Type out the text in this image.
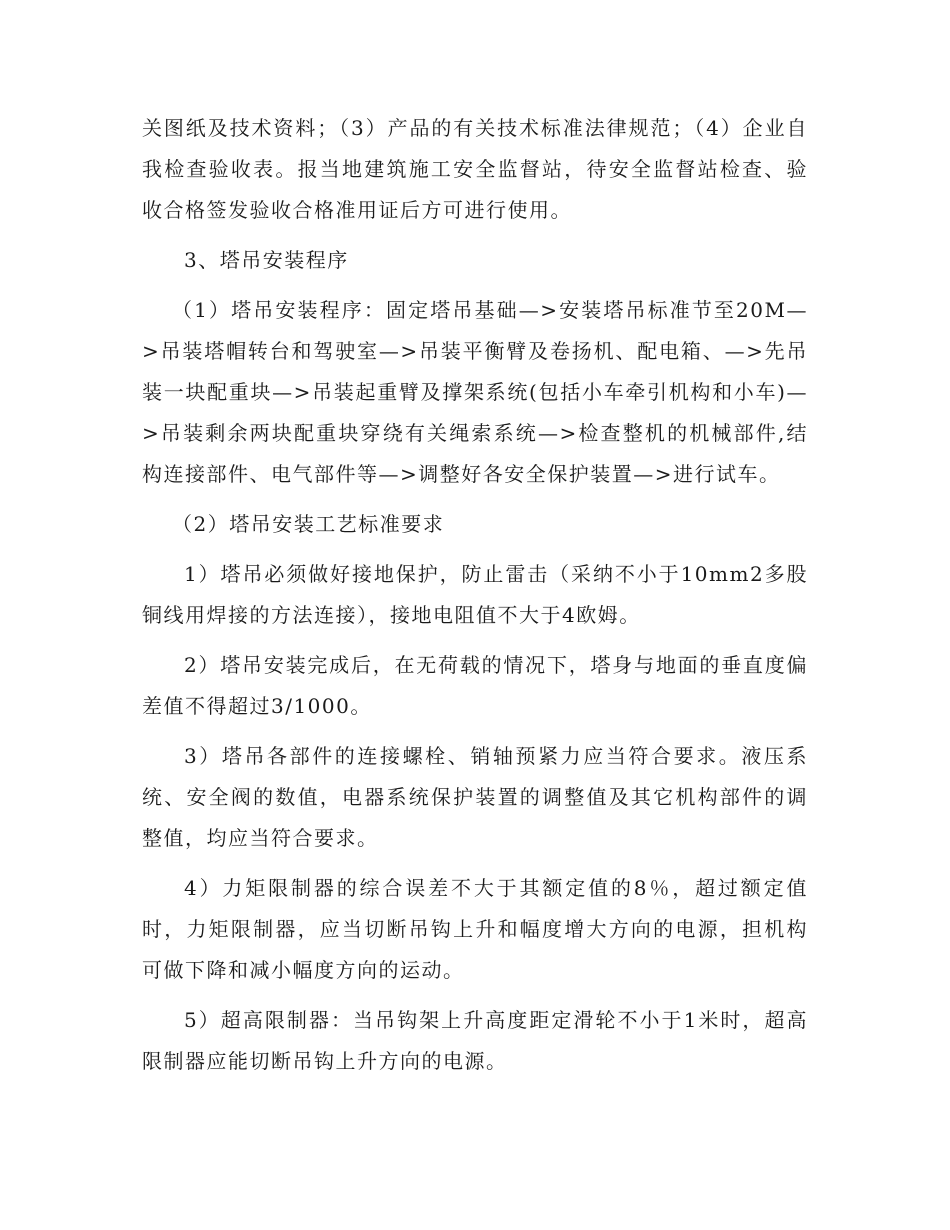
关图纸及技术资料；（3）产品的有关技术标准法律规范；（4）企业自我检查验收表。报当地建筑施工安全监督站，待安全监督站检查、验收合格签发验收合格准用证后方可进行使用。

3、塔吊安装程序

（1）塔吊安装程序：固定塔吊基础—>安装塔吊标准节至20M—>吊装塔帽转台和驾驶室—>吊装平衡臂及卷扬机、配电箱、—>先吊装一块配重块—>吊装起重臂及撑架系统(包括小车牵引机构和小车)—>吊装剩余两块配重块穿绕有关绳索系统—>检查整机的机械部件,结构连接部件、电气部件等—>调整好各安全保护装置—>进行试车。

（2）塔吊安装工艺标准要求

1）塔吊必须做好接地保护，防止雷击（采纳不小于10mm2多股铜线用焊接的方法连接），接地电阻值不大于4欧姆。

2）塔吊安装完成后，在无荷载的情况下，塔身与地面的垂直度偏差值不得超过3/1000。

3）塔吊各部件的连接螺栓、销轴预紧力应当符合要求。液压系统、安全阀的数值，电器系统保护装置的调整值及其它机构部件的调整值，均应当符合要求。

4）力矩限制器的综合误差不大于其额定值的8％，超过额定值时，力矩限制器，应当切断吊钩上升和幅度增大方向的电源，担机构可做下降和减小幅度方向的运动。

5）超高限制器：当吊钩架上升高度距定滑轮不小于1米时，超高限制器应能切断吊钩上升方向的电源。
